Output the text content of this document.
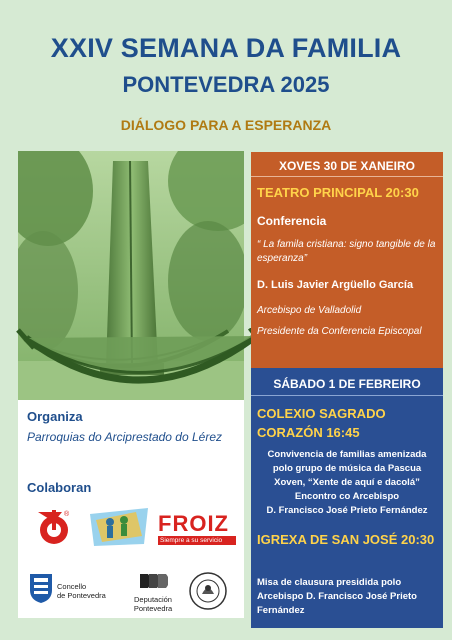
XXIV SEMANA DA FAMILIA
PONTEVEDRA 2025
DIÁLOGO PARA A ESPERANZA
Organiza
Parroquias do Arciprestado do Lérez
Colaboran
®	FROIZ
Siempre a su servicio
Concello
de Pontevedra	Deputación
Pontevedra
XOVES 30 DE XANEIRO
TEATRO PRINCIPAL 20:30
Conferencia
“ La famila cristiana: signo tangible de la esperanza”
D. Luis Javier Argüello García
Arcebispo de Valladolid
Presidente da Conferencia Episcopal
SÁBADO 1 DE FEBREIRO
COLEXIO SAGRADO CORAZÓN 16:45
Convivencia de familias amenizada
polo grupo de música da Pascua
Xoven, “Xente de aquí e dacolá”
Encontro co Arcebispo
D. Francisco José Prieto Fernández
IGREXA DE SAN JOSÉ 20:30
Misa de clausura presidida polo Arcebispo D. Francisco José Prieto Fernández
